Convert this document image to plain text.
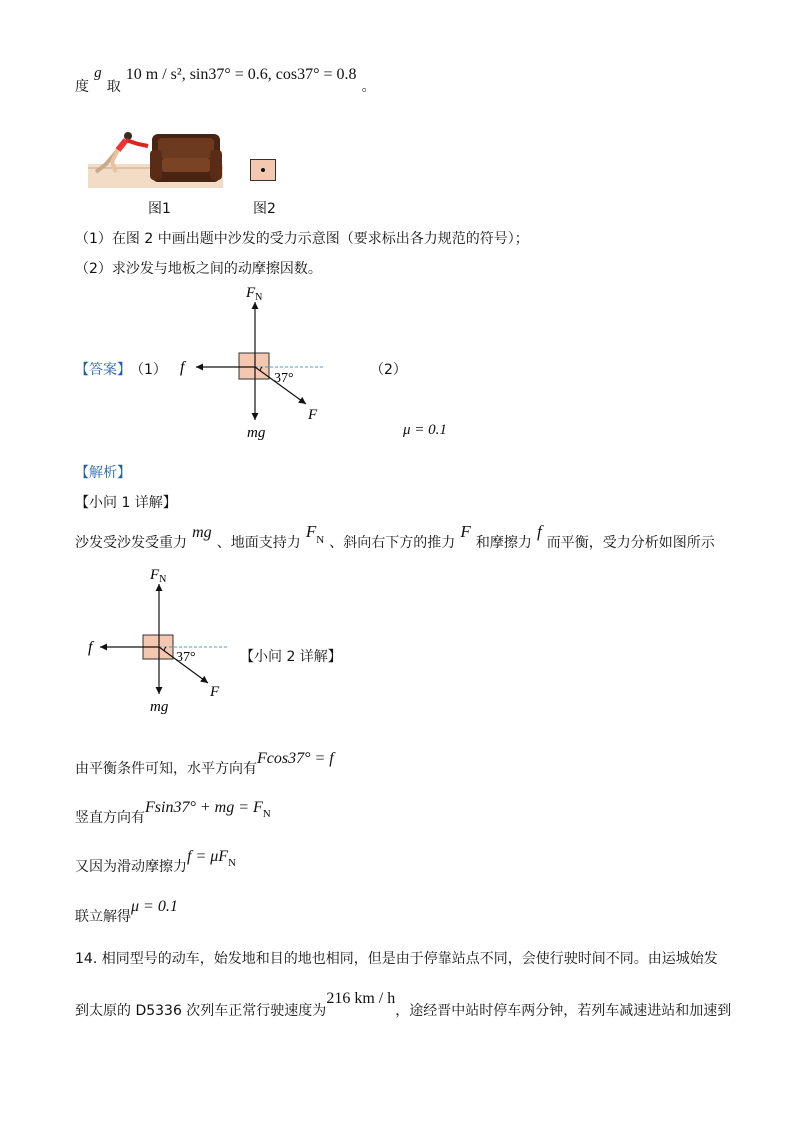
度 g 取 10 m / s², sin37° = 0.6, cos37° = 0.8 。
图1	图2
（1）在图 2 中画出题中沙发的受力示意图（要求标出各力规范的符号）；
（2）求沙发与地板之间的动摩擦因数。
【答案】 （1）	（2）
μ = 0.1
$F_N$
f
F
mg
37°
【解析】
【小问 1 详解】
沙发受沙发受重力 mg 、地面支持力 $F_N$ 、斜向右下方的推力 F 和摩擦力 f 而平衡，受力分析如图所示
$F_N$
f
F
mg
37°	【小问 2 详解】
由平衡条件可知，水平方向有Fcos37° = f
竖直方向有Fsin37° + mg = $F_N$
又因为滑动摩擦力$f = \mu F_N$
联立解得μ = 0.1
14. 相同型号的动车，始发地和目的地也相同，但是由于停靠站点不同，会使行驶时间不同。由运城始发
到太原的 D5336 次列车正常行驶速度为216 km / h，途经晋中站时停车两分钟，若列车减速进站和加速到
